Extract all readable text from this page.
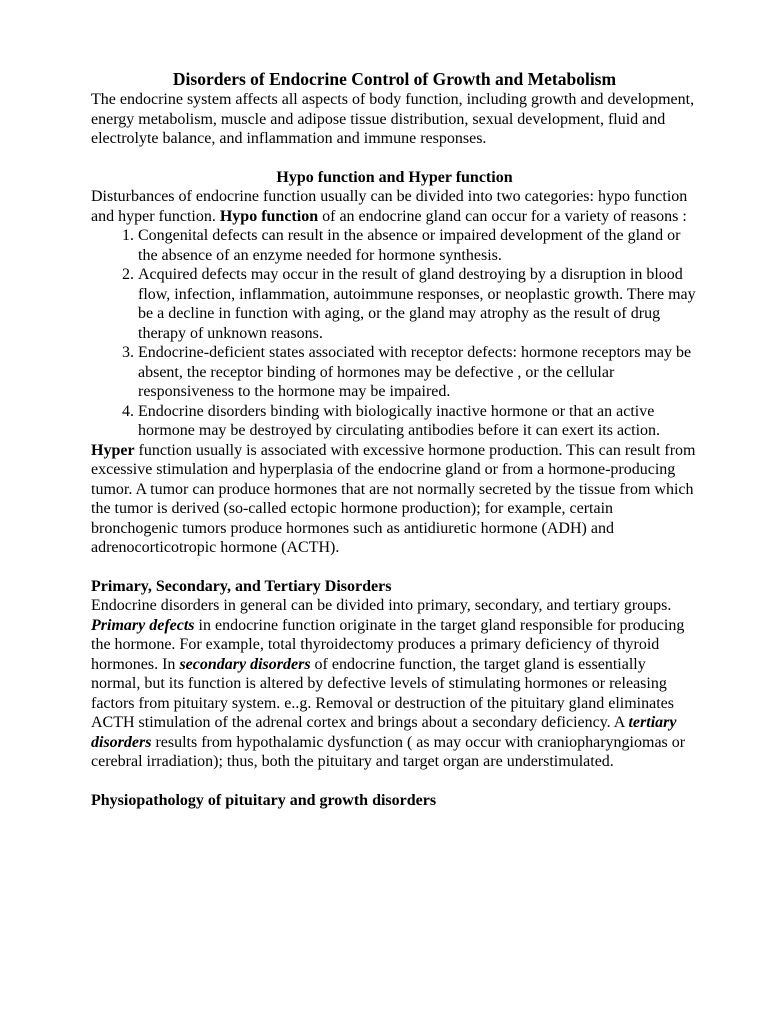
Disorders of Endocrine Control of Growth and Metabolism

The endocrine system affects all aspects of body function, including growth and development, energy metabolism, muscle and adipose tissue distribution, sexual development, fluid and electrolyte balance, and inflammation and immune responses.

Hypo function and Hyper function

Disturbances of endocrine function usually can be divided into two categories: hypo function and hyper function. Hypo function of an endocrine gland can occur for a variety of reasons :

1. Congenital defects can result in the absence or impaired development of the gland or the absence of an enzyme needed for hormone synthesis.
2. Acquired defects may occur in the result of gland destroying by a disruption in blood flow, infection, inflammation, autoimmune responses, or neoplastic growth. There may be a decline in function with aging, or the gland may atrophy as the result of drug therapy of unknown reasons.
3. Endocrine-deficient states associated with receptor defects: hormone receptors may be absent, the receptor binding of hormones may be defective , or the cellular responsiveness to the hormone may be impaired.
4. Endocrine disorders binding with biologically inactive hormone or that an active hormone may be destroyed by circulating antibodies before it can exert its action.

Hyper function usually is associated with excessive hormone production. This can result from excessive stimulation and hyperplasia of the endocrine gland or from a hormone-producing tumor. A tumor can produce hormones that are not normally secreted by the tissue from which the tumor is derived (so-called ectopic hormone production); for example, certain bronchogenic tumors produce hormones such as antidiuretic hormone (ADH) and adrenocorticotropic hormone (ACTH).

Primary, Secondary, and Tertiary Disorders

Endocrine disorders in general can be divided into primary, secondary, and tertiary groups. Primary defects in endocrine function originate in the target gland responsible for producing the hormone. For example, total thyroidectomy produces a primary deficiency of thyroid hormones. In secondary disorders of endocrine function, the target gland is essentially normal, but its function is altered by defective levels of stimulating hormones or releasing factors from pituitary system. e..g. Removal or destruction of the pituitary gland eliminates ACTH stimulation of the adrenal cortex and brings about a secondary deficiency. A tertiary disorders results from hypothalamic dysfunction ( as may occur with craniopharyngiomas or cerebral irradiation); thus, both the pituitary and target organ are understimulated.

Physiopathology of pituitary and growth disorders
